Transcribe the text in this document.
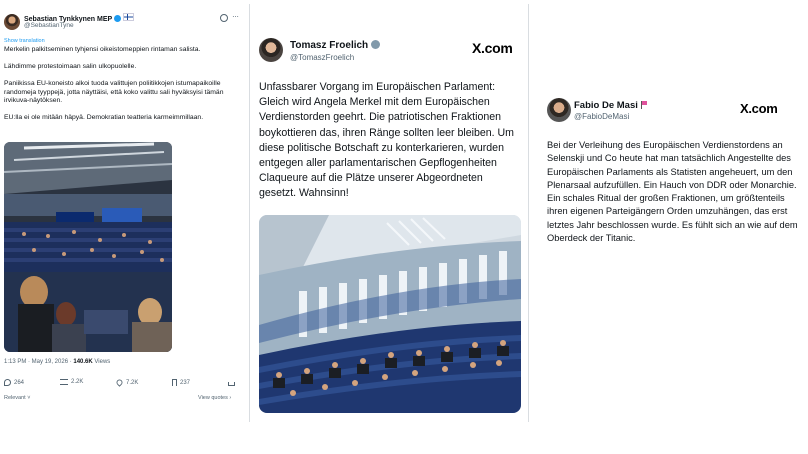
Sebastian Tynkkynen MEP
@SebastianTyne
···
Show translation

Merkelin palkitseminen tyhjensi oikeistomeppien rintaman salista.

Lähdimme protestoimaan salin ulkopuolelle.

Paniikissa EU-koneisto alkoi tuoda valittujen poliitikkojen istumapaikoille randomeja tyyppejä, jotta näyttäisi, että koko valittu sali hyväksyisi tämän irvikuva-näytöksen.

EU:lla ei ole mitään häpyä. Demokratian teatteria karmeimmillaan.

1:13 PM · May 19, 2026 · 140.6K Views
264	2.2K	7.2K	237
Relevant ˅	View quotes ›
Tomasz Froelich
@TomaszFroelich
X.com
Unfassbarer Vorgang im Europäischen Parlament: Gleich wird Angela Merkel mit dem Europäischen Verdienstorden geehrt. Die patriotischen Fraktionen boykottieren das, ihren Ränge sollten leer bleiben. Um diese politische Botschaft zu konterkarieren, wurden entgegen aller parlamentarischen Gepflogenheiten Claqueure auf die Plätze unserer Abgeordneten gesetzt. Wahnsinn!
Fabio De Masi
@FabioDeMasi
X.com
Bei der Verleihung des Europäischen Verdienstordens an Selenskji und Co heute hat man tatsächlich Angestellte des Europäischen Parlaments als Statisten angeheuert, um den Plenarsaal aufzufüllen. Ein Hauch von DDR oder Monarchie. Ein schales Ritual der großen Fraktionen, um größtenteils ihren eigenen Parteigängern Orden umzuhängen, das erst letztes Jahr beschlossen wurde. Es fühlt sich an wie auf dem Oberdeck der Titanic.
